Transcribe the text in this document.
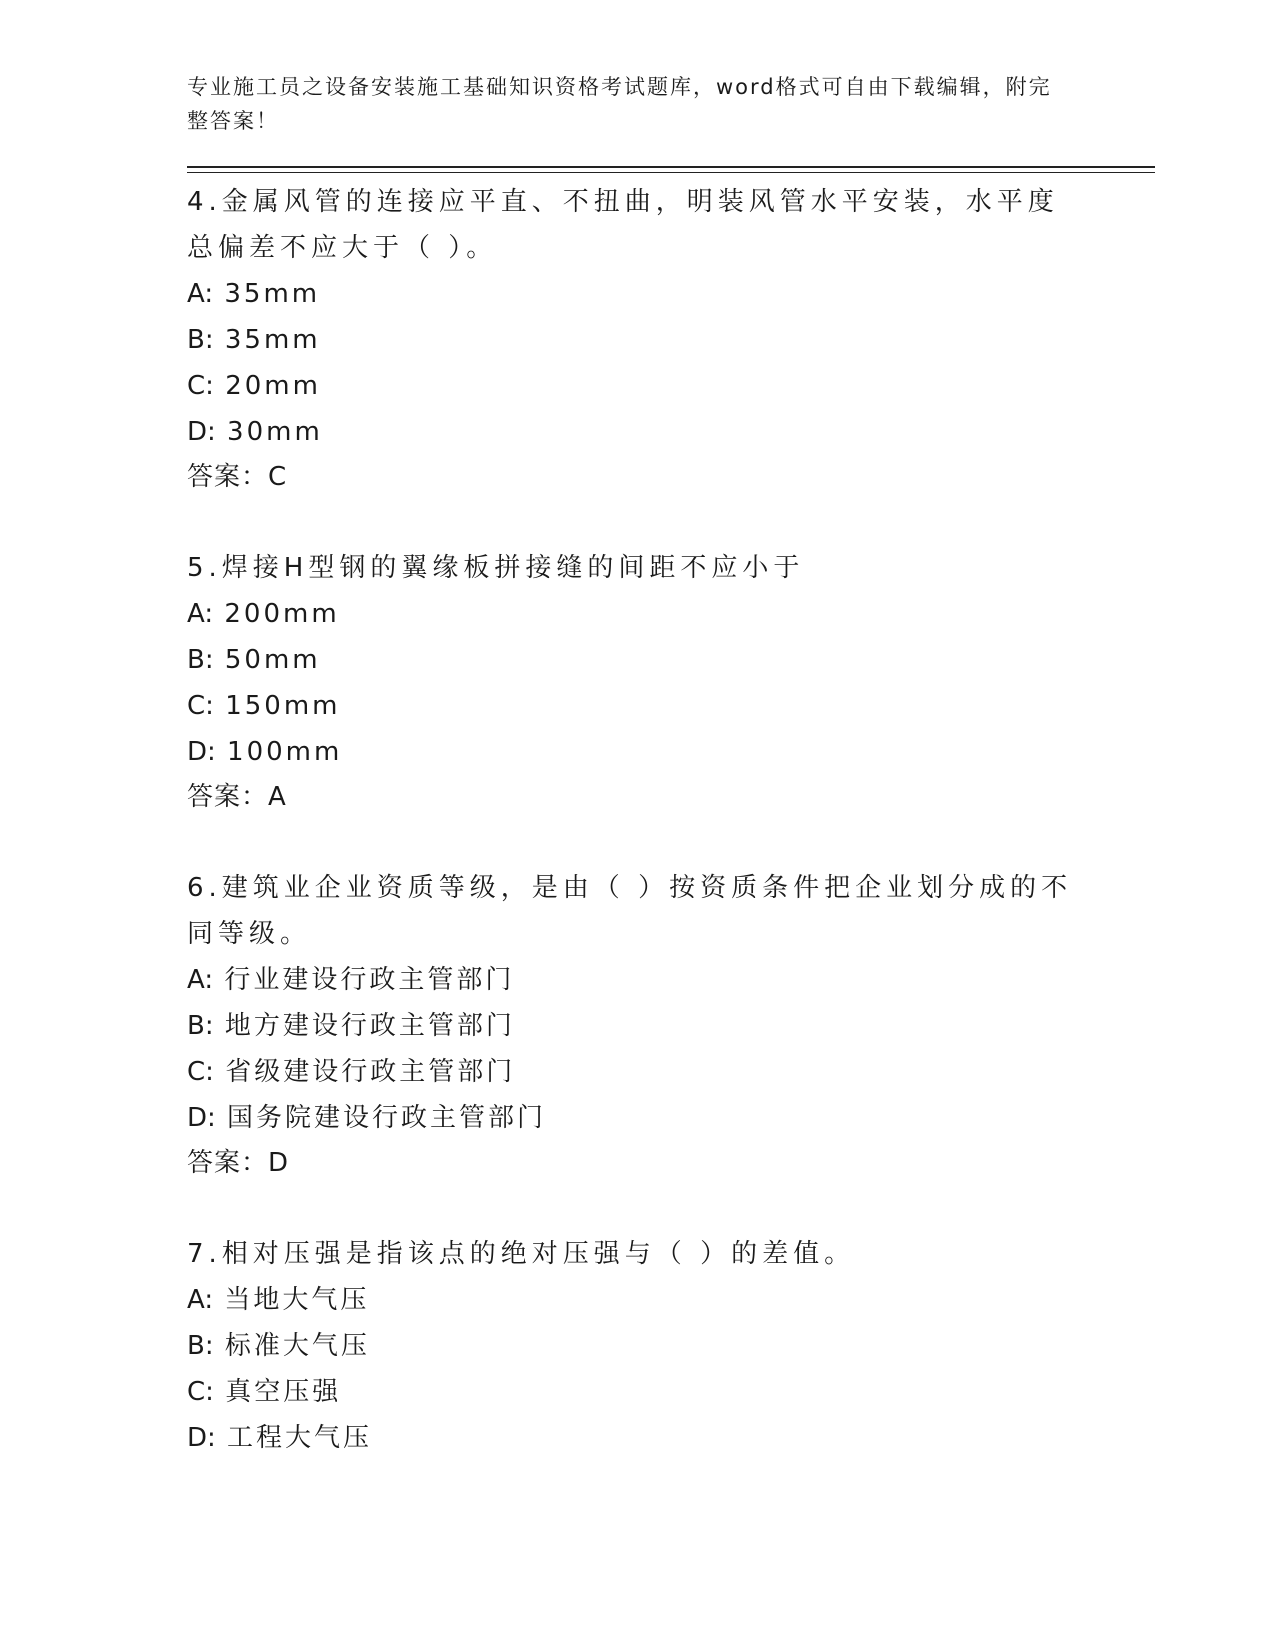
专业施工员之设备安装施工基础知识资格考试题库，word格式可自由下载编辑，附完整答案！

4.金属风管的连接应平直、不扭曲，明装风管水平安装，水平度总偏差不应大于（ ）。

A: 35mm

B: 35mm

C: 20mm

D: 30mm

答案：C

5.焊接H型钢的翼缘板拼接缝的间距不应小于

A: 200mm

B: 50mm

C: 150mm

D: 100mm

答案：A

6.建筑业企业资质等级，是由（ ）按资质条件把企业划分成的不同等级。

A: 行业建设行政主管部门

B: 地方建设行政主管部门

C: 省级建设行政主管部门

D: 国务院建设行政主管部门

答案：D

7.相对压强是指该点的绝对压强与（ ）的差值。

A: 当地大气压

B: 标准大气压

C: 真空压强

D: 工程大气压
